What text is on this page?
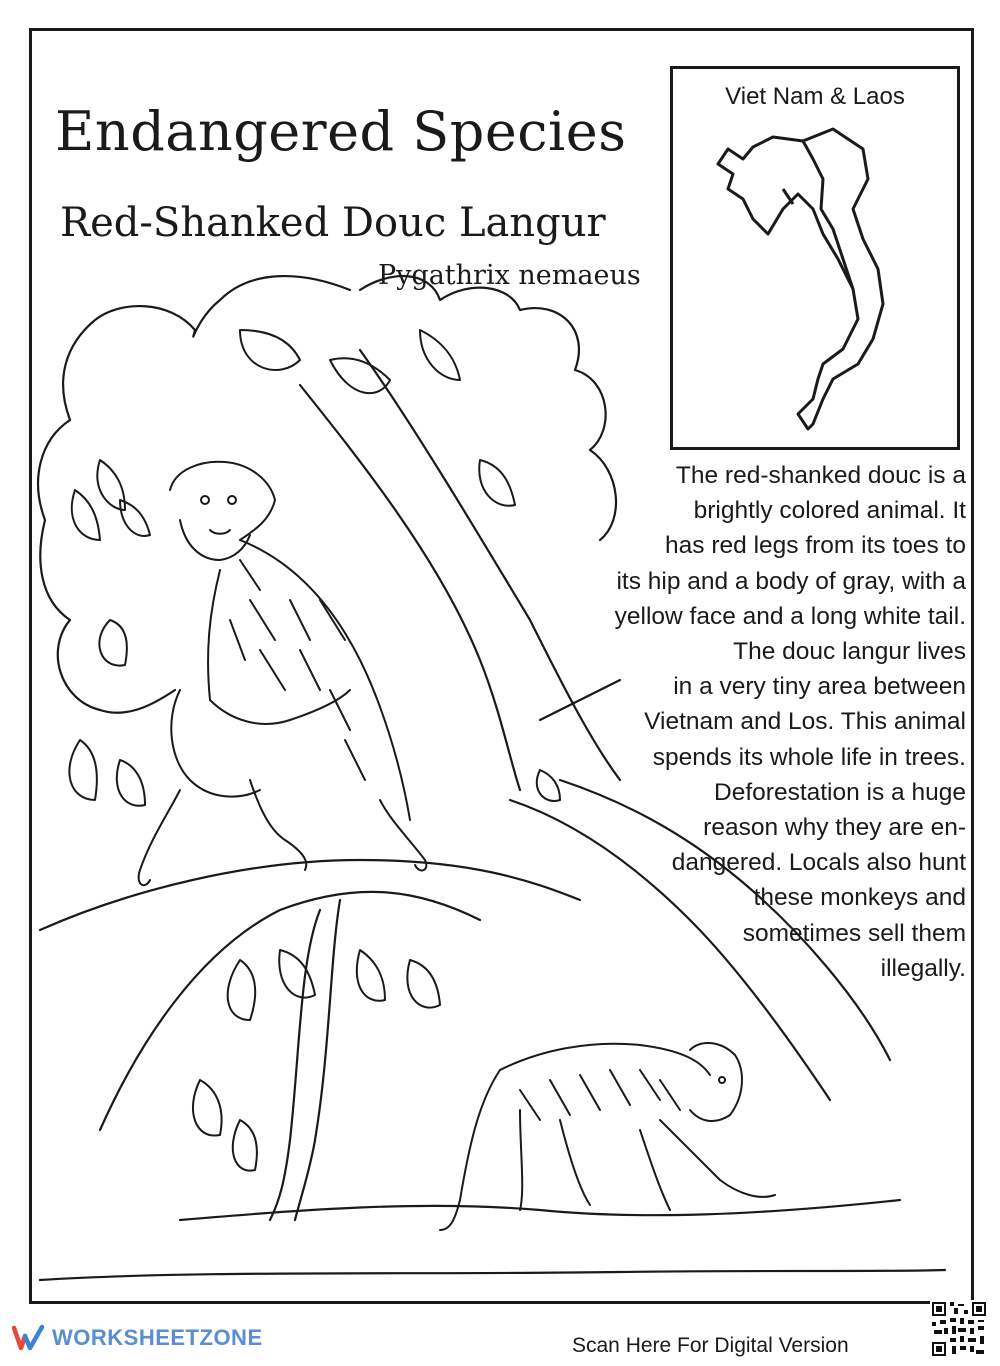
Endangered Species
Red-Shanked Douc Langur
Pygathrix nemaeus
Viet Nam & Laos

The red-shanked douc is a
brightly colored animal. It
has red legs from its toes to
its hip and a body of gray, with a
yellow face and a long white tail.
The douc langur lives
in a very tiny area between
Vietnam and Los. This animal
spends its whole life in trees.
Deforestation is a huge
reason why they are en-
dangered. Locals also hunt
these monkeys and
sometimes sell them
illegally.

WORKSHEETZONE	Scan Here For Digital Version
